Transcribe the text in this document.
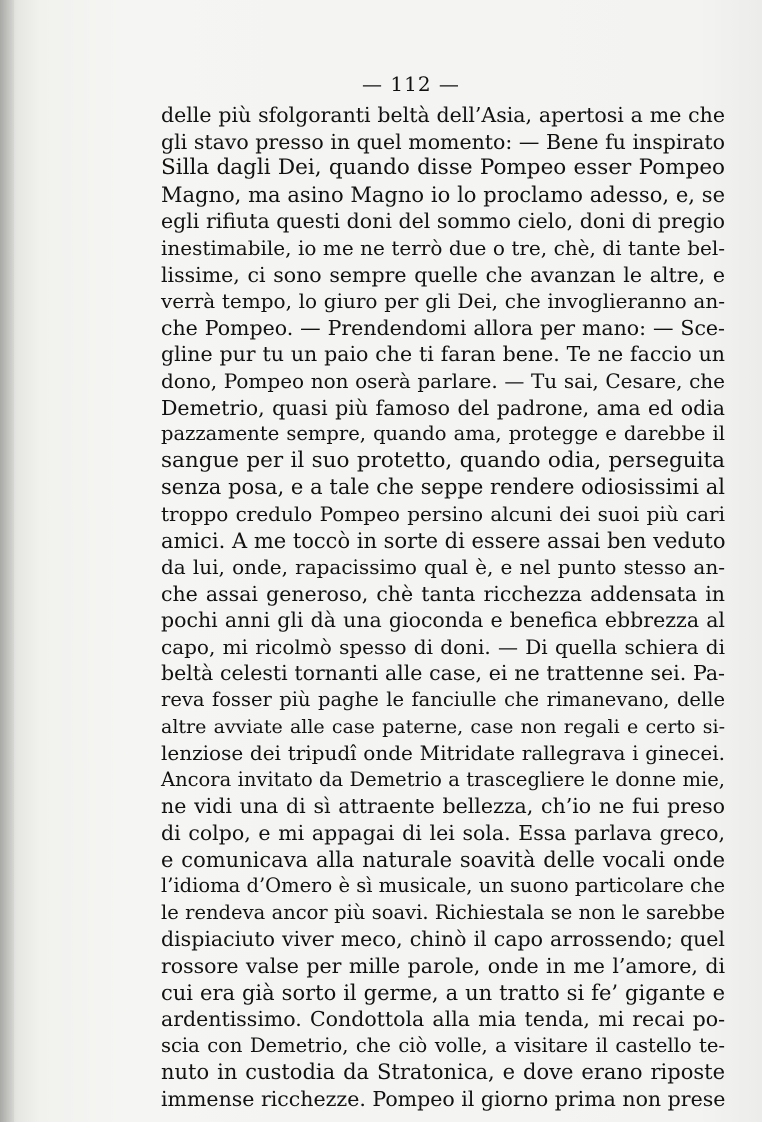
— 112 —
delle più sfolgoranti beltà dell’Asia, apertosi a me che
gli stavo presso in quel momento: — Bene fu inspirato
Silla dagli Dei, quando disse Pompeo esser Pompeo
Magno, ma asino Magno io lo proclamo adesso, e, se
egli rifiuta questi doni del sommo cielo, doni di pregio
inestimabile, io me ne terrò due o tre, chè, di tante bel-
lissime, ci sono sempre quelle che avanzan le altre, e
verrà tempo, lo giuro per gli Dei, che invoglieranno an-
che Pompeo. — Prendendomi allora per mano: — Sce-
gline pur tu un paio che ti faran bene. Te ne faccio un
dono, Pompeo non oserà parlare. — Tu sai, Cesare, che
Demetrio, quasi più famoso del padrone, ama ed odia
pazzamente sempre, quando ama, protegge e darebbe il
sangue per il suo protetto, quando odia, perseguita
senza posa, e a tale che seppe rendere odiosissimi al
troppo credulo Pompeo persino alcuni dei suoi più cari
amici. A me toccò in sorte di essere assai ben veduto
da lui, onde, rapacissimo qual è, e nel punto stesso an-
che assai generoso, chè tanta ricchezza addensata in
pochi anni gli dà una gioconda e benefica ebbrezza al
capo, mi ricolmò spesso di doni. — Di quella schiera di
beltà celesti tornanti alle case, ei ne trattenne sei. Pa-
reva fosser più paghe le fanciulle che rimanevano, delle
altre avviate alle case paterne, case non regali e certo si-
lenziose dei tripudî onde Mitridate rallegrava i ginecei.
Ancora invitato da Demetrio a trascegliere le donne mie,
ne vidi una di sì attraente bellezza, ch’io ne fui preso
di colpo, e mi appagai di lei sola. Essa parlava greco,
e comunicava alla naturale soavità delle vocali onde
l’idioma d’Omero è sì musicale, un suono particolare che
le rendeva ancor più soavi. Richiestala se non le sarebbe
dispiaciuto viver meco, chinò il capo arrossendo; quel
rossore valse per mille parole, onde in me l’amore, di
cui era già sorto il germe, a un tratto si fe’ gigante e
ardentissimo. Condottola alla mia tenda, mi recai po-
scia con Demetrio, che ciò volle, a visitare il castello te-
nuto in custodia da Stratonica, e dove erano riposte
immense ricchezze. Pompeo il giorno prima non prese
